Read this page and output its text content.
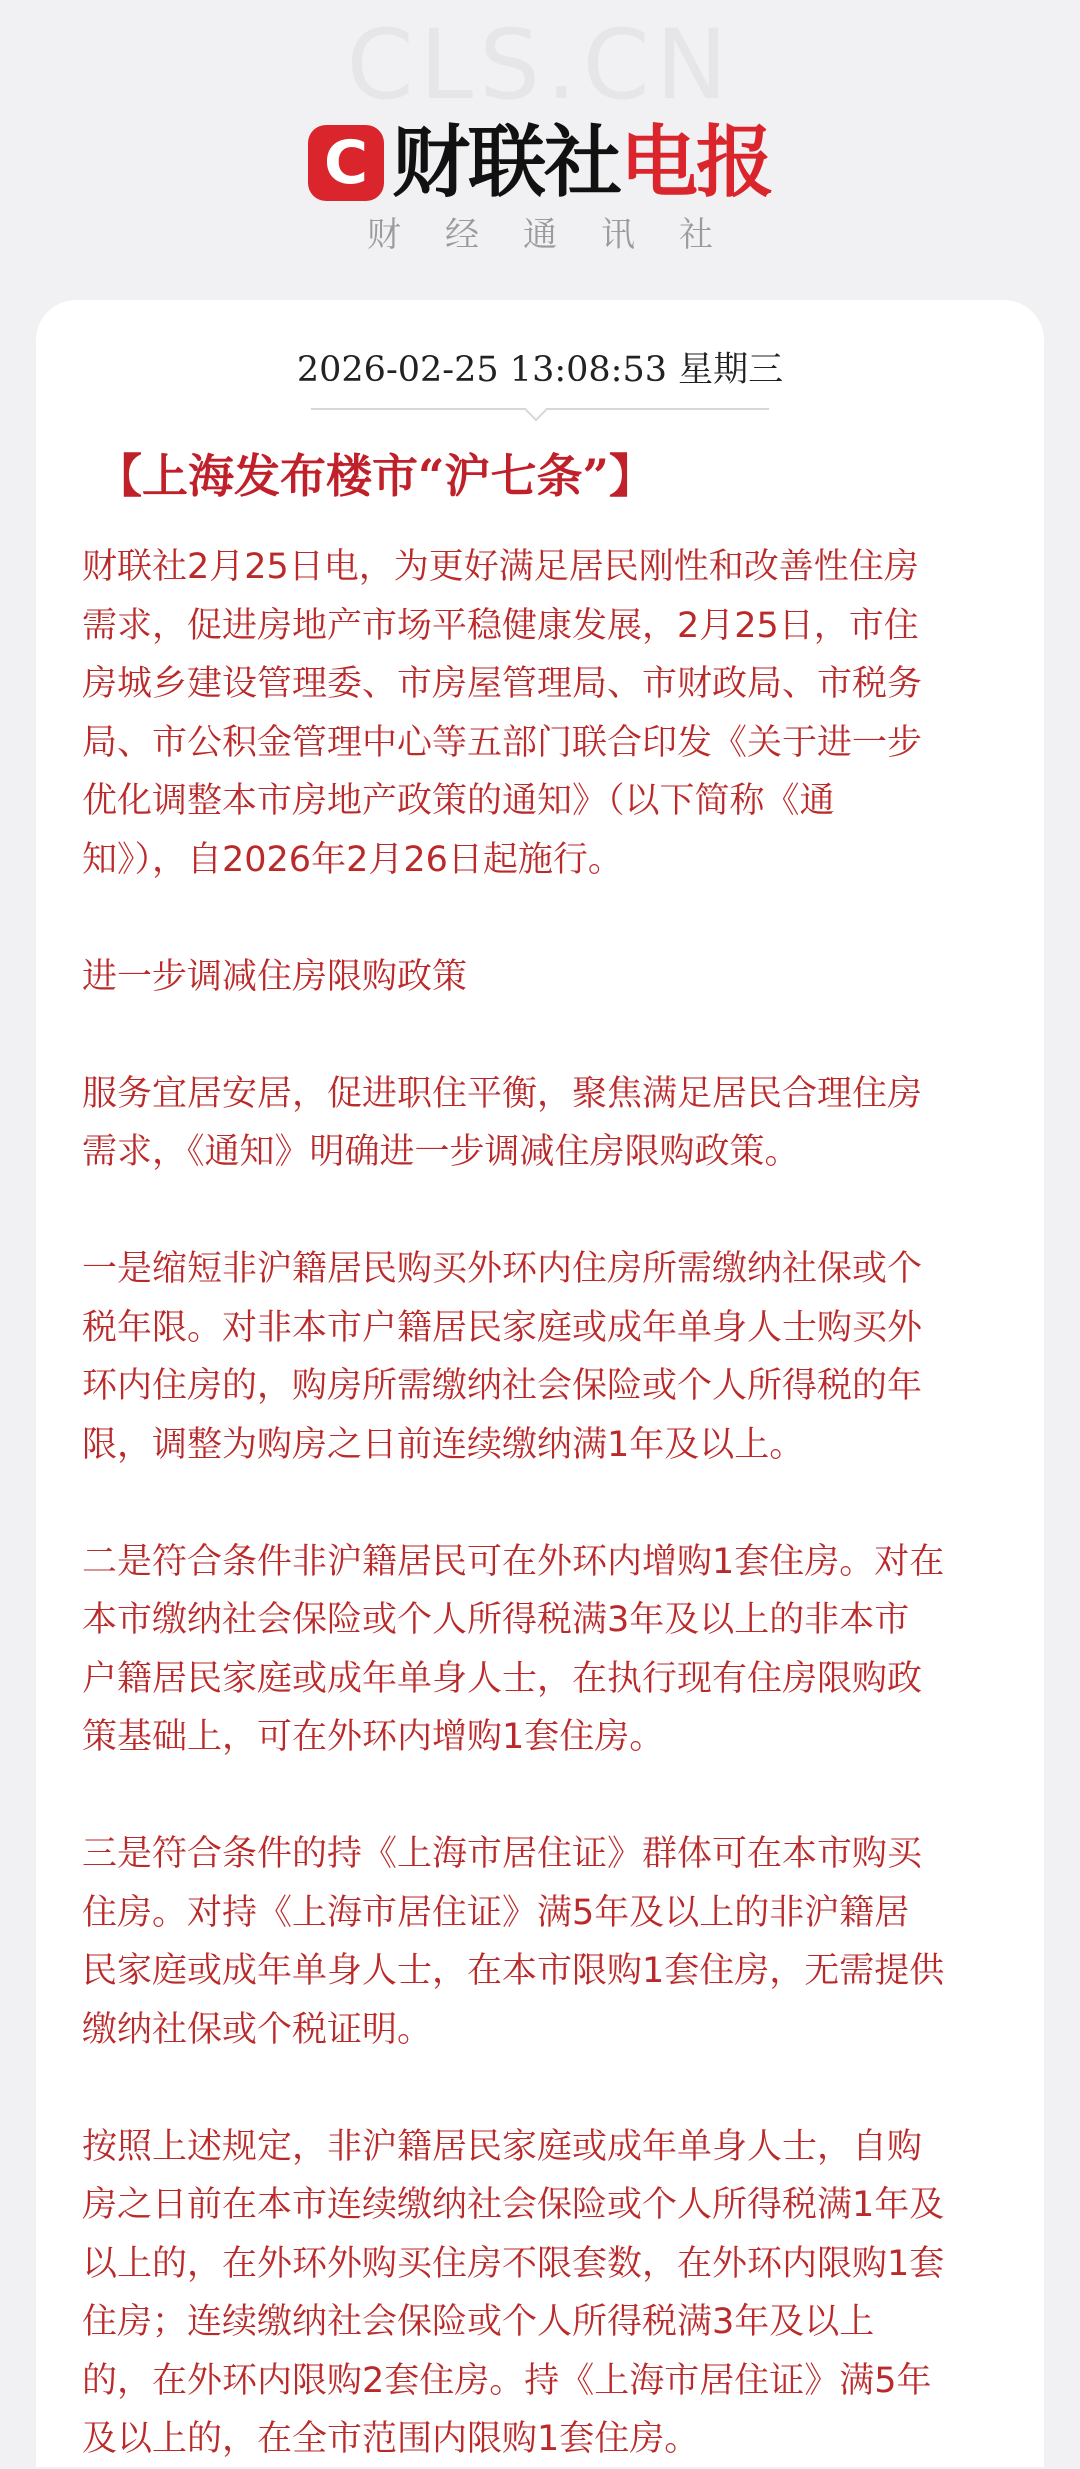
CLS.CN
C 财联社电报
财经通讯社
2026-02-25 13:08:53 星期三
【上海发布楼市“沪七条”】

财联社2月25日电，为更好满足居民刚性和改善性住房
需求，促进房地产市场平稳健康发展，2月25日，市住
房城乡建设管理委、市房屋管理局、市财政局、市税务
局、市公积金管理中心等五部门联合印发《关于进一步
优化调整本市房地产政策的通知》（以下简称《通
知》），自2026年2月26日起施行。

进一步调减住房限购政策

服务宜居安居，促进职住平衡，聚焦满足居民合理住房
需求，《通知》明确进一步调减住房限购政策。

一是缩短非沪籍居民购买外环内住房所需缴纳社保或个
税年限。对非本市户籍居民家庭或成年单身人士购买外
环内住房的，购房所需缴纳社会保险或个人所得税的年
限，调整为购房之日前连续缴纳满1年及以上。

二是符合条件非沪籍居民可在外环内增购1套住房。对在
本市缴纳社会保险或个人所得税满3年及以上的非本市
户籍居民家庭或成年单身人士，在执行现有住房限购政
策基础上，可在外环内增购1套住房。

三是符合条件的持《上海市居住证》群体可在本市购买
住房。对持《上海市居住证》满5年及以上的非沪籍居
民家庭或成年单身人士，在本市限购1套住房，无需提供
缴纳社保或个税证明。

按照上述规定，非沪籍居民家庭或成年单身人士，自购
房之日前在本市连续缴纳社会保险或个人所得税满1年及
以上的，在外环外购买住房不限套数，在外环内限购1套
住房；连续缴纳社会保险或个人所得税满3年及以上
的，在外环内限购2套住房。持《上海市居住证》满5年
及以上的，在全市范围内限购1套住房。
